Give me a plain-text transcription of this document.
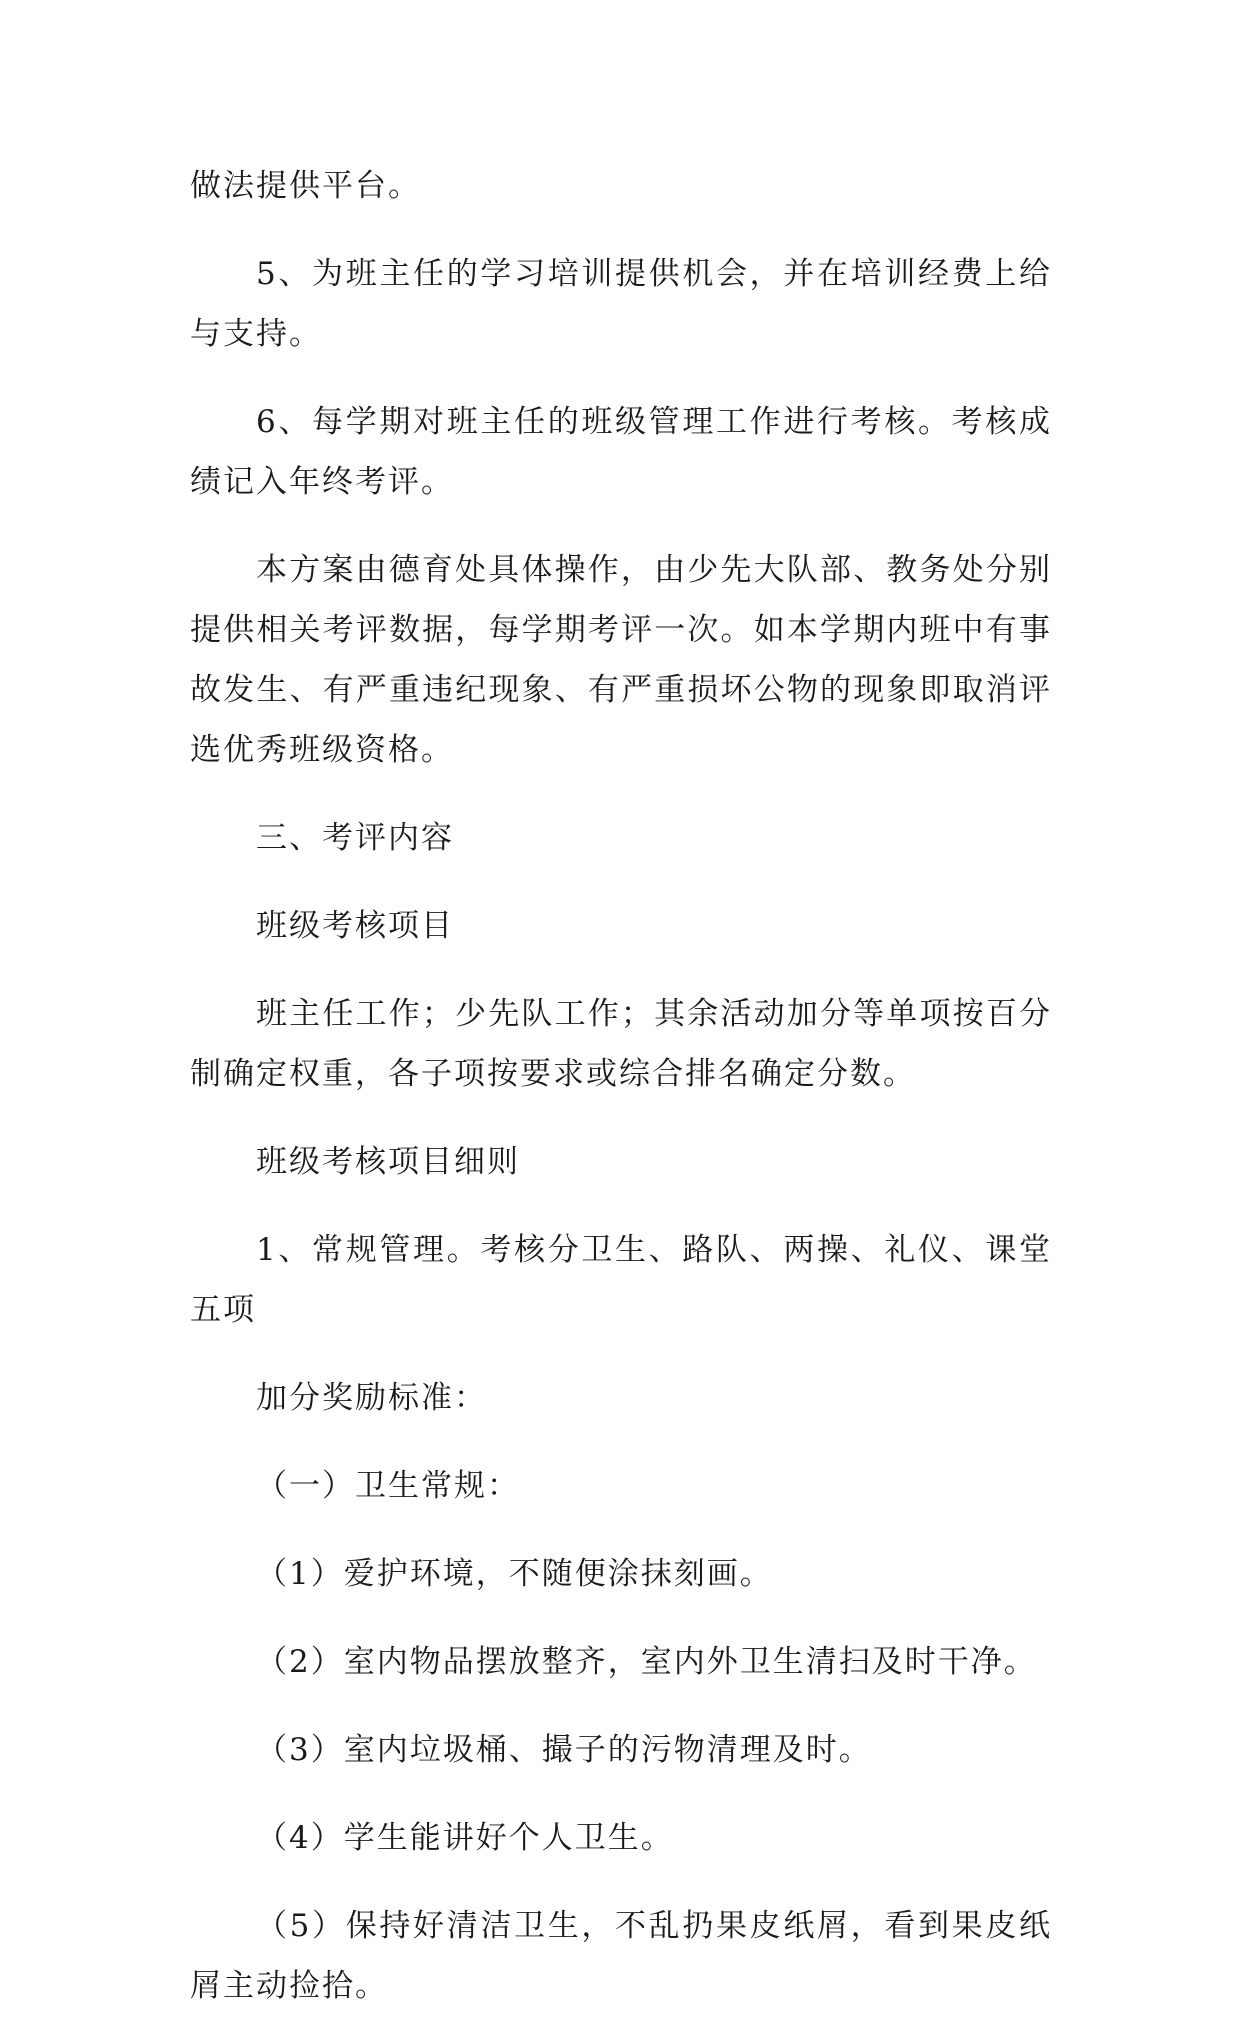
做法提供平台。

5、为班主任的学习培训提供机会，并在培训经费上给与支持。

6、每学期对班主任的班级管理工作进行考核。考核成绩记入年终考评。

本方案由德育处具体操作，由少先大队部、教务处分别提供相关考评数据，每学期考评一次。如本学期内班中有事故发生、有严重违纪现象、有严重损坏公物的现象即取消评选优秀班级资格。

三、考评内容

班级考核项目

班主任工作；少先队工作；其余活动加分等单项按百分制确定权重，各子项按要求或综合排名确定分数。

班级考核项目细则

1、常规管理。考核分卫生、路队、两操、礼仪、课堂五项

加分奖励标准：

（一）卫生常规：

（1）爱护环境，不随便涂抹刻画。

（2）室内物品摆放整齐，室内外卫生清扫及时干净。

（3）室内垃圾桶、撮子的污物清理及时。

（4）学生能讲好个人卫生。

（5）保持好清洁卫生，不乱扔果皮纸屑，看到果皮纸屑主动捡拾。
